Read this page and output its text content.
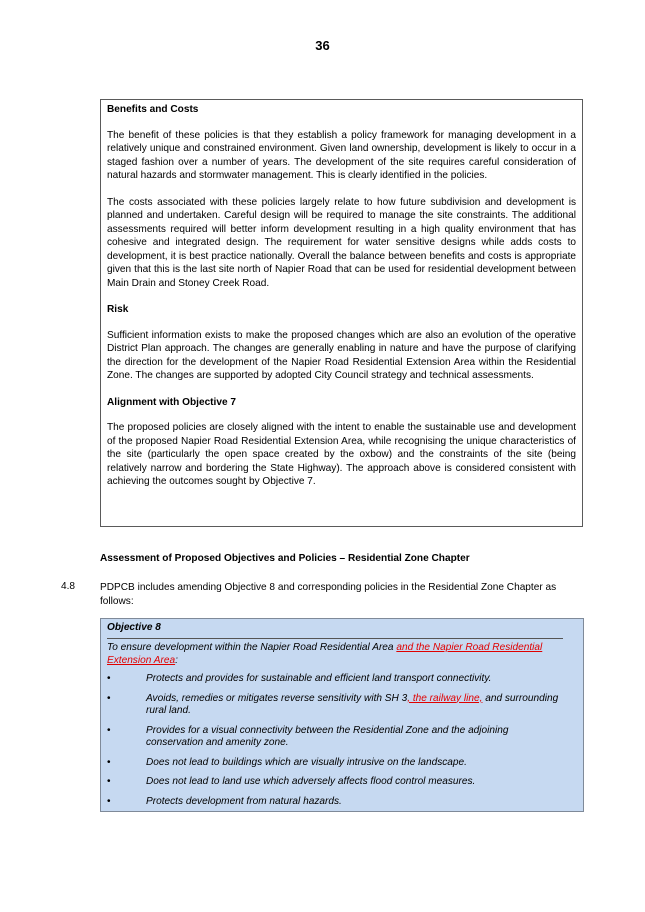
36
Benefits and Costs

The benefit of these policies is that they establish a policy framework for managing development in a relatively unique and constrained environment. Given land ownership, development is likely to occur in a staged fashion over a number of years. The development of the site requires careful consideration of natural hazards and stormwater management. This is clearly identified in the policies.

The costs associated with these policies largely relate to how future subdivision and development is planned and undertaken. Careful design will be required to manage the site constraints. The additional assessments required will better inform development resulting in a high quality environment that has cohesive and integrated design. The requirement for water sensitive designs while adds costs to development, it is best practice nationally. Overall the balance between benefits and costs is appropriate given that this is the last site north of Napier Road that can be used for residential development between Main Drain and Stoney Creek Road.

Risk

Sufficient information exists to make the proposed changes which are also an evolution of the operative District Plan approach. The changes are generally enabling in nature and have the purpose of clarifying the direction for the development of the Napier Road Residential Extension Area within the Residential Zone. The changes are supported by adopted City Council strategy and technical assessments.

Alignment with Objective 7

The proposed policies are closely aligned with the intent to enable the sustainable use and development of the proposed Napier Road Residential Extension Area, while recognising the unique characteristics of the site (particularly the open space created by the oxbow) and the constraints of the site (being relatively narrow and bordering the State Highway). The approach above is considered consistent with achieving the outcomes sought by Objective 7.

Assessment of Proposed Objectives and Policies – Residential Zone Chapter
4.8 PDPCB includes amending Objective 8 and corresponding policies in the Residential Zone Chapter as follows:
Objective 8
To ensure development within the Napier Road Residential Area and the Napier Road Residential Extension Area:
•	Protects and provides for sustainable and efficient land transport connectivity.
•	Avoids, remedies or mitigates reverse sensitivity with SH 3, the railway line, and surrounding rural land.
•	Provides for a visual connectivity between the Residential Zone and the adjoining conservation and amenity zone.
•	Does not lead to buildings which are visually intrusive on the landscape.
•	Does not lead to land use which adversely affects flood control measures.
•	Protects development from natural hazards.
